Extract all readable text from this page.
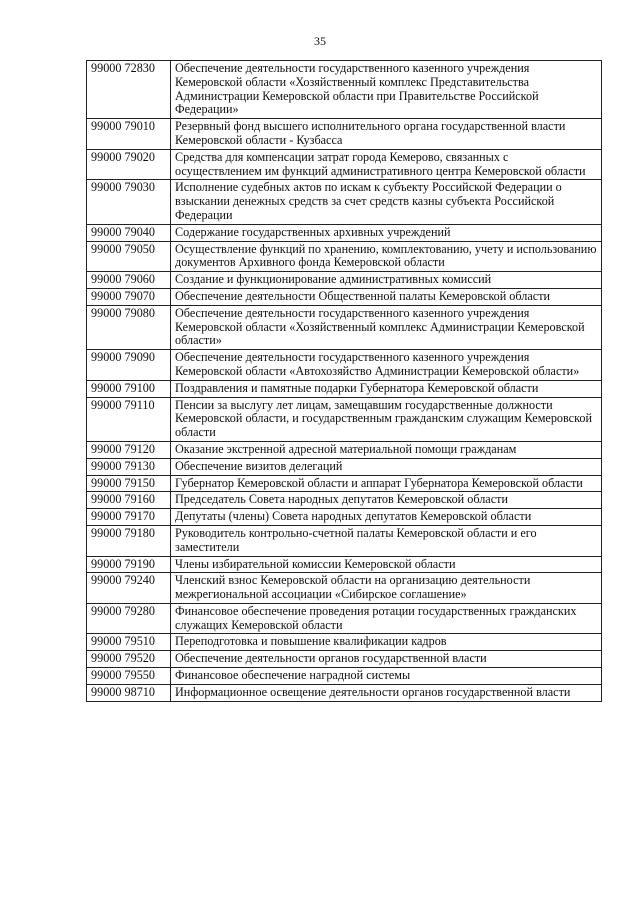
35
99000 72830	Обеспечение деятельности государственного казенного учреждения Кемеровской области «Хозяйственный комплекс Представительства Администрации Кемеровской области при Правительстве Российской Федерации»
99000 79010	Резервный фонд высшего исполнительного органа государственной власти Кемеровской области - Кузбасса
99000 79020	Средства для компенсации затрат города Кемерово, связанных с осуществлением им функций административного центра Кемеровской области
99000 79030	Исполнение судебных актов по искам к субъекту Российской Федерации о взыскании денежных средств за счет средств казны субъекта Российской Федерации
99000 79040	Содержание государственных архивных учреждений
99000 79050	Осуществление функций по хранению, комплектованию, учету и использованию документов Архивного фонда Кемеровской области
99000 79060	Создание и функционирование административных комиссий
99000 79070	Обеспечение деятельности Общественной палаты Кемеровской области
99000 79080	Обеспечение деятельности государственного казенного учреждения Кемеровской области «Хозяйственный комплекс Администрации Кемеровской области»
99000 79090	Обеспечение деятельности государственного казенного учреждения Кемеровской области «Автохозяйство Администрации Кемеровской области»
99000 79100	Поздравления и памятные подарки Губернатора Кемеровской области
99000 79110	Пенсии за выслугу лет лицам, замещавшим государственные должности Кемеровской области, и государственным гражданским служащим Кемеровской области
99000 79120	Оказание экстренной адресной материальной помощи гражданам
99000 79130	Обеспечение визитов делегаций
99000 79150	Губернатор Кемеровской области и аппарат Губернатора Кемеровской области
99000 79160	Председатель Совета народных депутатов Кемеровской области
99000 79170	Депутаты (члены) Совета народных депутатов Кемеровской области
99000 79180	Руководитель контрольно-счетной палаты Кемеровской области и его заместители
99000 79190	Члены избирательной комиссии Кемеровской области
99000 79240	Членский взнос Кемеровской области на организацию деятельности межрегиональной ассоциации «Сибирское соглашение»
99000 79280	Финансовое обеспечение проведения ротации государственных гражданских служащих Кемеровской области
99000 79510	Переподготовка и повышение квалификации кадров
99000 79520	Обеспечение деятельности органов государственной власти
99000 79550	Финансовое обеспечение наградной системы
99000 98710	Информационное освещение деятельности органов государственной власти
